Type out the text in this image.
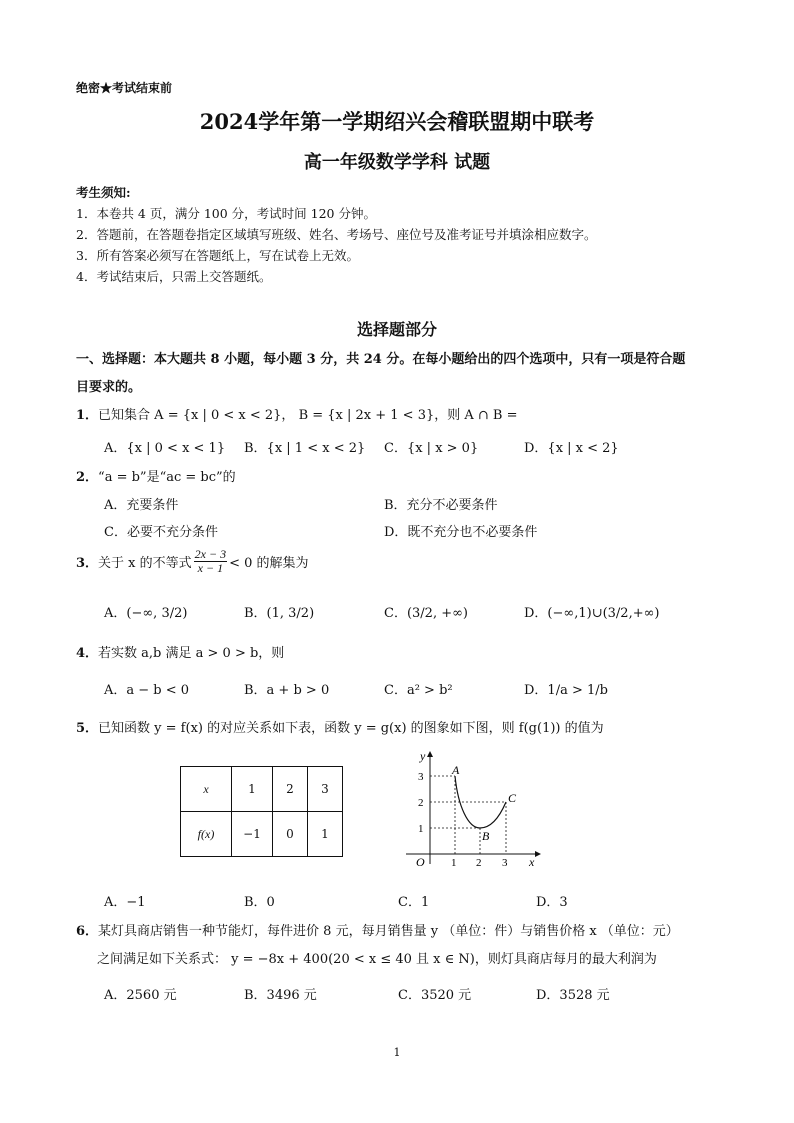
绝密★考试结束前
2024学年第一学期绍兴会稽联盟期中联考
高一年级数学学科 试题
考生须知:
1．本卷共 4 页，满分 100 分，考试时间 120 分钟。
2．答题前，在答题卷指定区域填写班级、姓名、考场号、座位号及准考证号并填涂相应数字。
3．所有答案必须写在答题纸上，写在试卷上无效。
4．考试结束后，只需上交答题纸。
选择题部分
一、选择题：本大题共 8 小题，每小题 3 分，共 24 分。在每小题给出的四个选项中，只有一项是符合题
目要求的。
1．已知集合 A = {x | 0 < x < 2}， B = {x | 2x + 1 < 3}，则 A ∩ B =
A．{x | 0 < x < 1} B．{x | 1 < x < 2} C．{x | x > 0}	D．{x | x < 2}
2．“a = b”是“ac = bc”的
A．充要条件	B．充分不必要条件
C．必要不充分条件	D．既不充分也不必要条件
3． 关于 x 的不等式 $\frac{2x - 3}{x - 1} < 0$ 的解集为
A．(−∞, 3/2)	B．(1, 3/2)	C．(3/2, +∞)	D．(−∞,1)∪(3/2,+∞)
4．若实数 a,b 满足 a > 0 > b，则
A．a − b < 0	B．a + b > 0	C．a² > b²	D．1/a > 1/b
5．已知函数 y = f(x) 的对应关系如下表，函数 y = g(x) 的图象如下图，则 f(g(1)) 的值为
x	1	2	3
f(x)	−1	0	1
y
x
O
3
2
1
1 2 3
A
B
C
A．−1	B．0	C．1	D．3
6．某灯具商店销售一种节能灯，每件进价 8 元，每月销售量 y （单位：件）与销售价格 x （单位：元）
之间满足如下关系式： y = −8x + 400(20 < x ≤ 40 且 x ∈ N)，则灯具商店每月的最大利润为
A．2560 元	B．3496 元	C．3520 元	D．3528 元
1
